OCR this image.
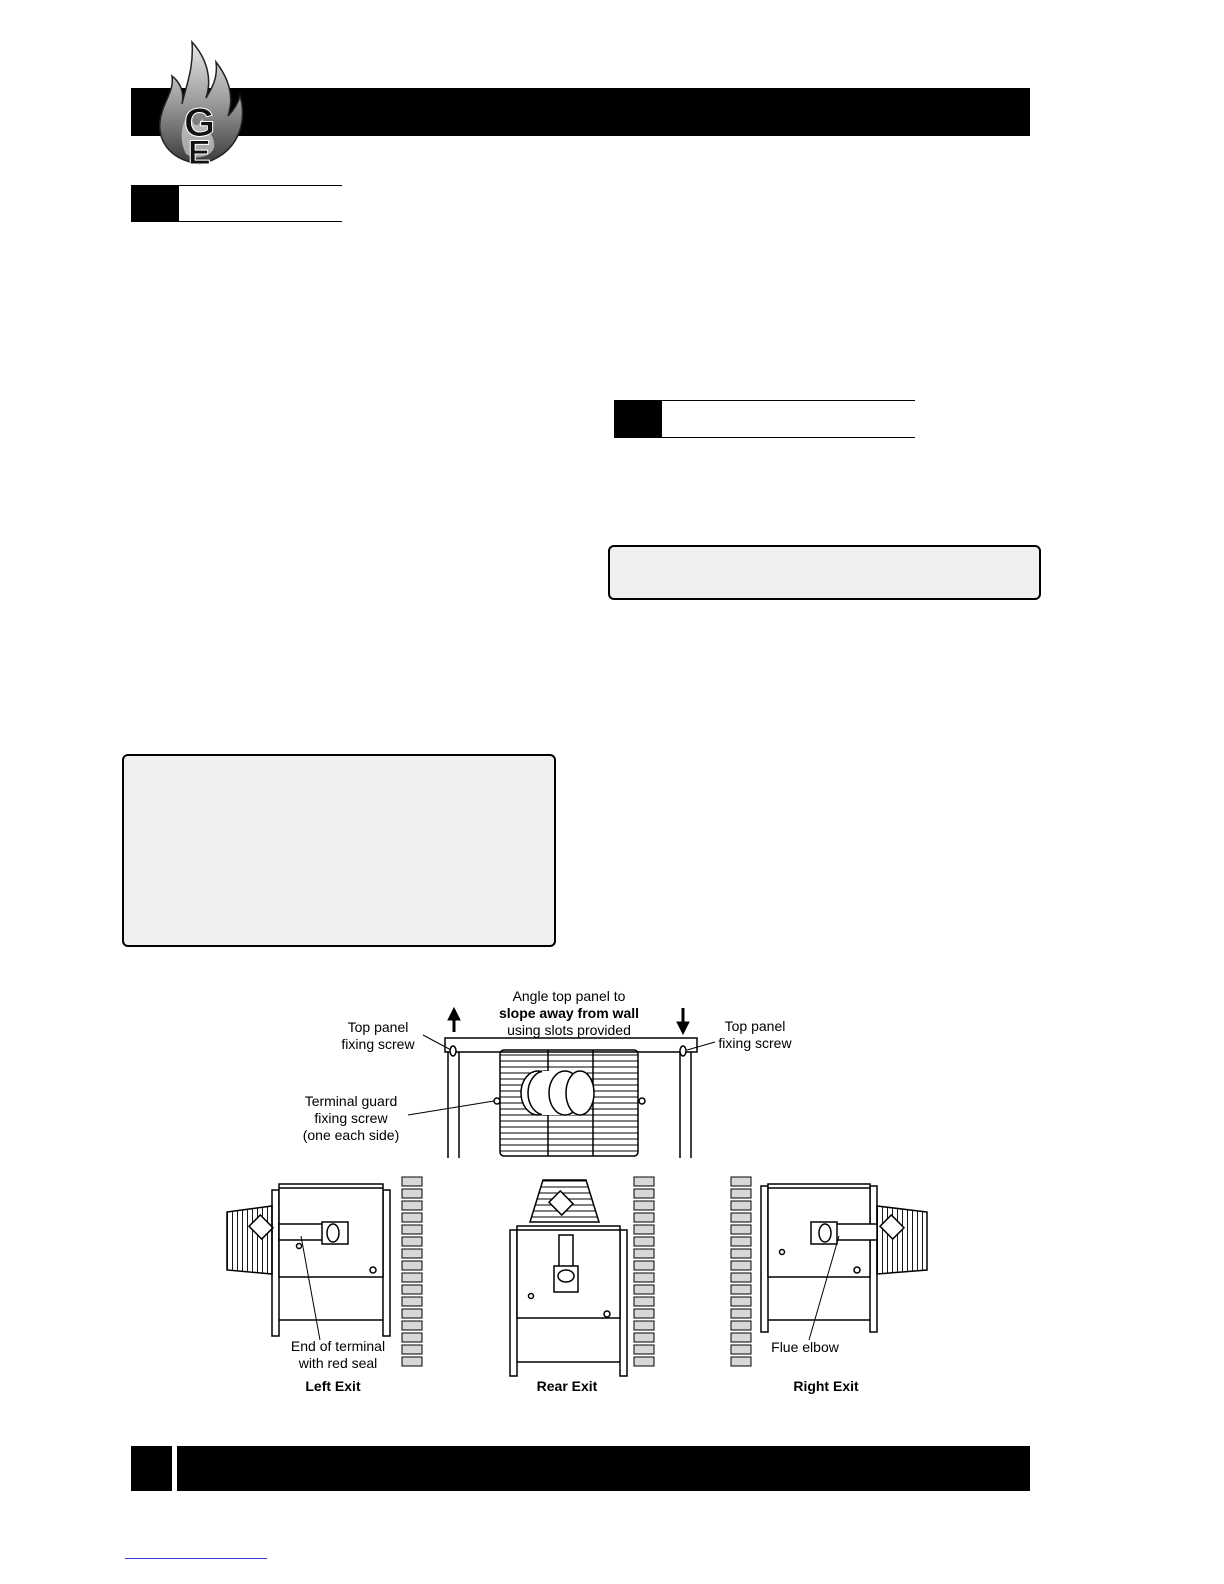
G
E
Angle top panel to
slope away from wall
using slots provided
Top panel
fixing screw
Top panel
fixing screw
Terminal guard
fixing screw
(one each side)
End of terminal
with red seal
Left Exit	Rear Exit
Flue elbow
Right Exit
